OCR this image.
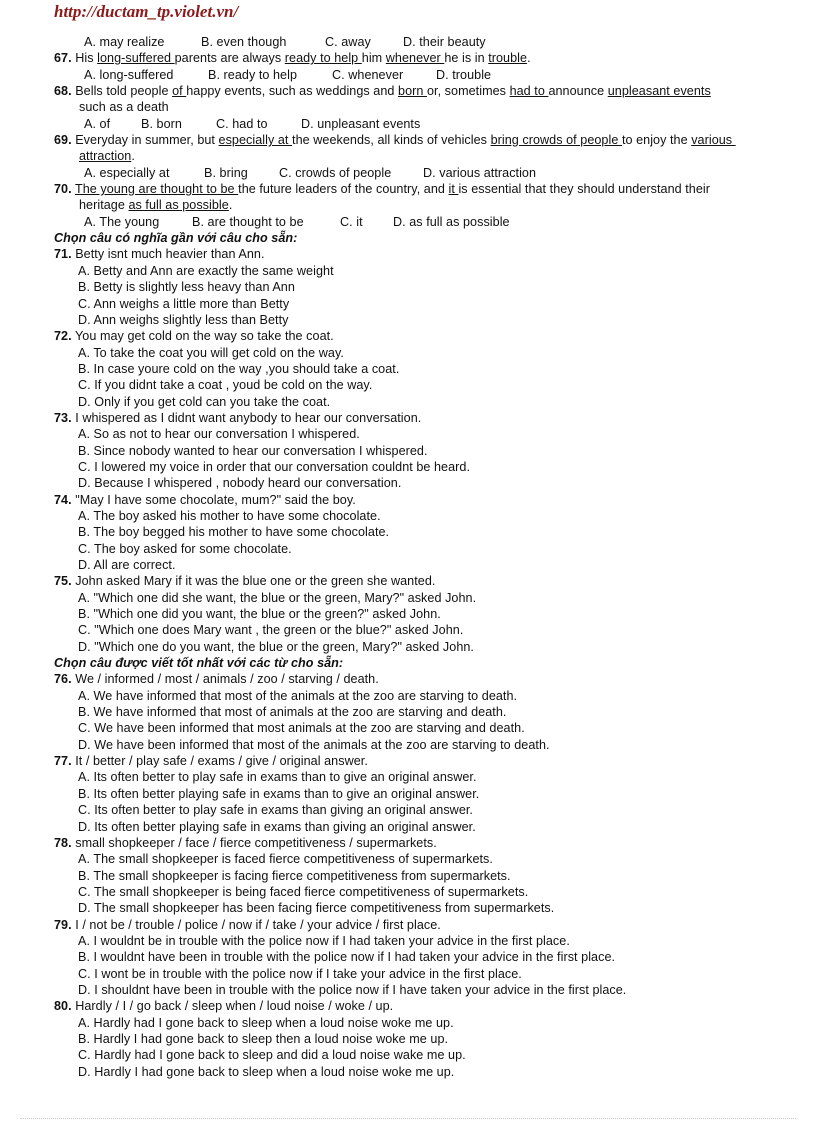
http://ductam_tp.violet.vn/
A. may realize	B. even though	C. away	D. their beauty
67. His long-suffered parents are always ready to help him whenever he is in trouble.
A. long-suffered	B. ready to help	C. whenever	D. trouble
68. Bells told people of happy events, such as weddings and born or, sometimes had to announce unpleasant events
such as a death
A. of B. born	C. had to	D. unpleasant events
69. Everyday in summer, but especially at the weekends, all kinds of vehicles bring crowds of people to enjoy the various
attraction.
A. especially at	B. bring C. crowds of people	D. various attraction
70. The young are thought to be the future leaders of the country, and it is essential that they should understand their
heritage as full as possible.
A. The young	B. are thought to be	C. it D. as full as possible
Chọn câu có nghĩa gần với câu cho sẵn:
71. Betty isnt much heavier than Ann.
A. Betty and Ann are exactly the same weight
B. Betty is slightly less heavy than Ann
C. Ann weighs a little more than Betty
D. Ann weighs slightly less than Betty
72. You may get cold on the way so take the coat.
A. To take the coat you will get cold on the way.
B. In case youre cold on the way ,you should take a coat.
C. If you didnt take a coat , youd be cold on the way.
D. Only if you get cold can you take the coat.
73. I whispered as I didnt want anybody to hear our conversation.
A. So as not to hear our conversation I whispered.
B. Since nobody wanted to hear our conversation I whispered.
C. I lowered my voice in order that our conversation couldnt be heard.
D. Because I whispered , nobody heard our conversation.
74. "May I have some chocolate, mum?" said the boy.
A. The boy asked his mother to have some chocolate.
B. The boy begged his mother to have some chocolate.
C. The boy asked for some chocolate.
D. All are correct.
75. John asked Mary if it was the blue one or the green she wanted.
A. "Which one did she want, the blue or the green, Mary?" asked John.
B. "Which one did you want, the blue or the green?" asked John.
C. "Which one does Mary want , the green or the blue?" asked John.
D. "Which one do you want, the blue or the green, Mary?" asked John.
Chọn câu được viết tốt nhất với các từ cho sẵn:
76. We / informed / most / animals / zoo / starving / death.
A. We have informed that most of the animals at the zoo are starving to death.
B. We have informed that most of animals at the zoo are starving and death.
C. We have been informed that most animals at the zoo are starving and death.
D. We have been informed that most of the animals at the zoo are starving to death.
77. It / better / play safe / exams / give / original answer.
A. Its often better to play safe in exams than to give an original answer.
B. Its often better playing safe in exams than to give an original answer.
C. Its often better to play safe in exams than giving an original answer.
D. Its often better playing safe in exams than giving an original answer.
78. small shopkeeper / face / fierce competitiveness / supermarkets.
A. The small shopkeeper is faced fierce competitiveness of supermarkets.
B. The small shopkeeper is facing fierce competitiveness from supermarkets.
C. The small shopkeeper is being faced fierce competitiveness of supermarkets.
D. The small shopkeeper has been facing fierce competitiveness from supermarkets.
79. I / not be / trouble / police / now if / take / your advice / first place.
A. I wouldnt be in trouble with the police now if I had taken your advice in the first place.
B. I wouldnt have been in trouble with the police now if I had taken your advice in the first place.
C. I wont be in trouble with the police now if I take your advice in the first place.
D. I shouldnt have been in trouble with the police now if I have taken your advice in the first place.
80. Hardly / I / go back / sleep when / loud noise / woke / up.
A. Hardly had I gone back to sleep when a loud noise woke me up.
B. Hardly I had gone back to sleep then a loud noise woke me up.
C. Hardly had I gone back to sleep and did a loud noise wake me up.
D. Hardly I had gone back to sleep when a loud noise woke me up.
